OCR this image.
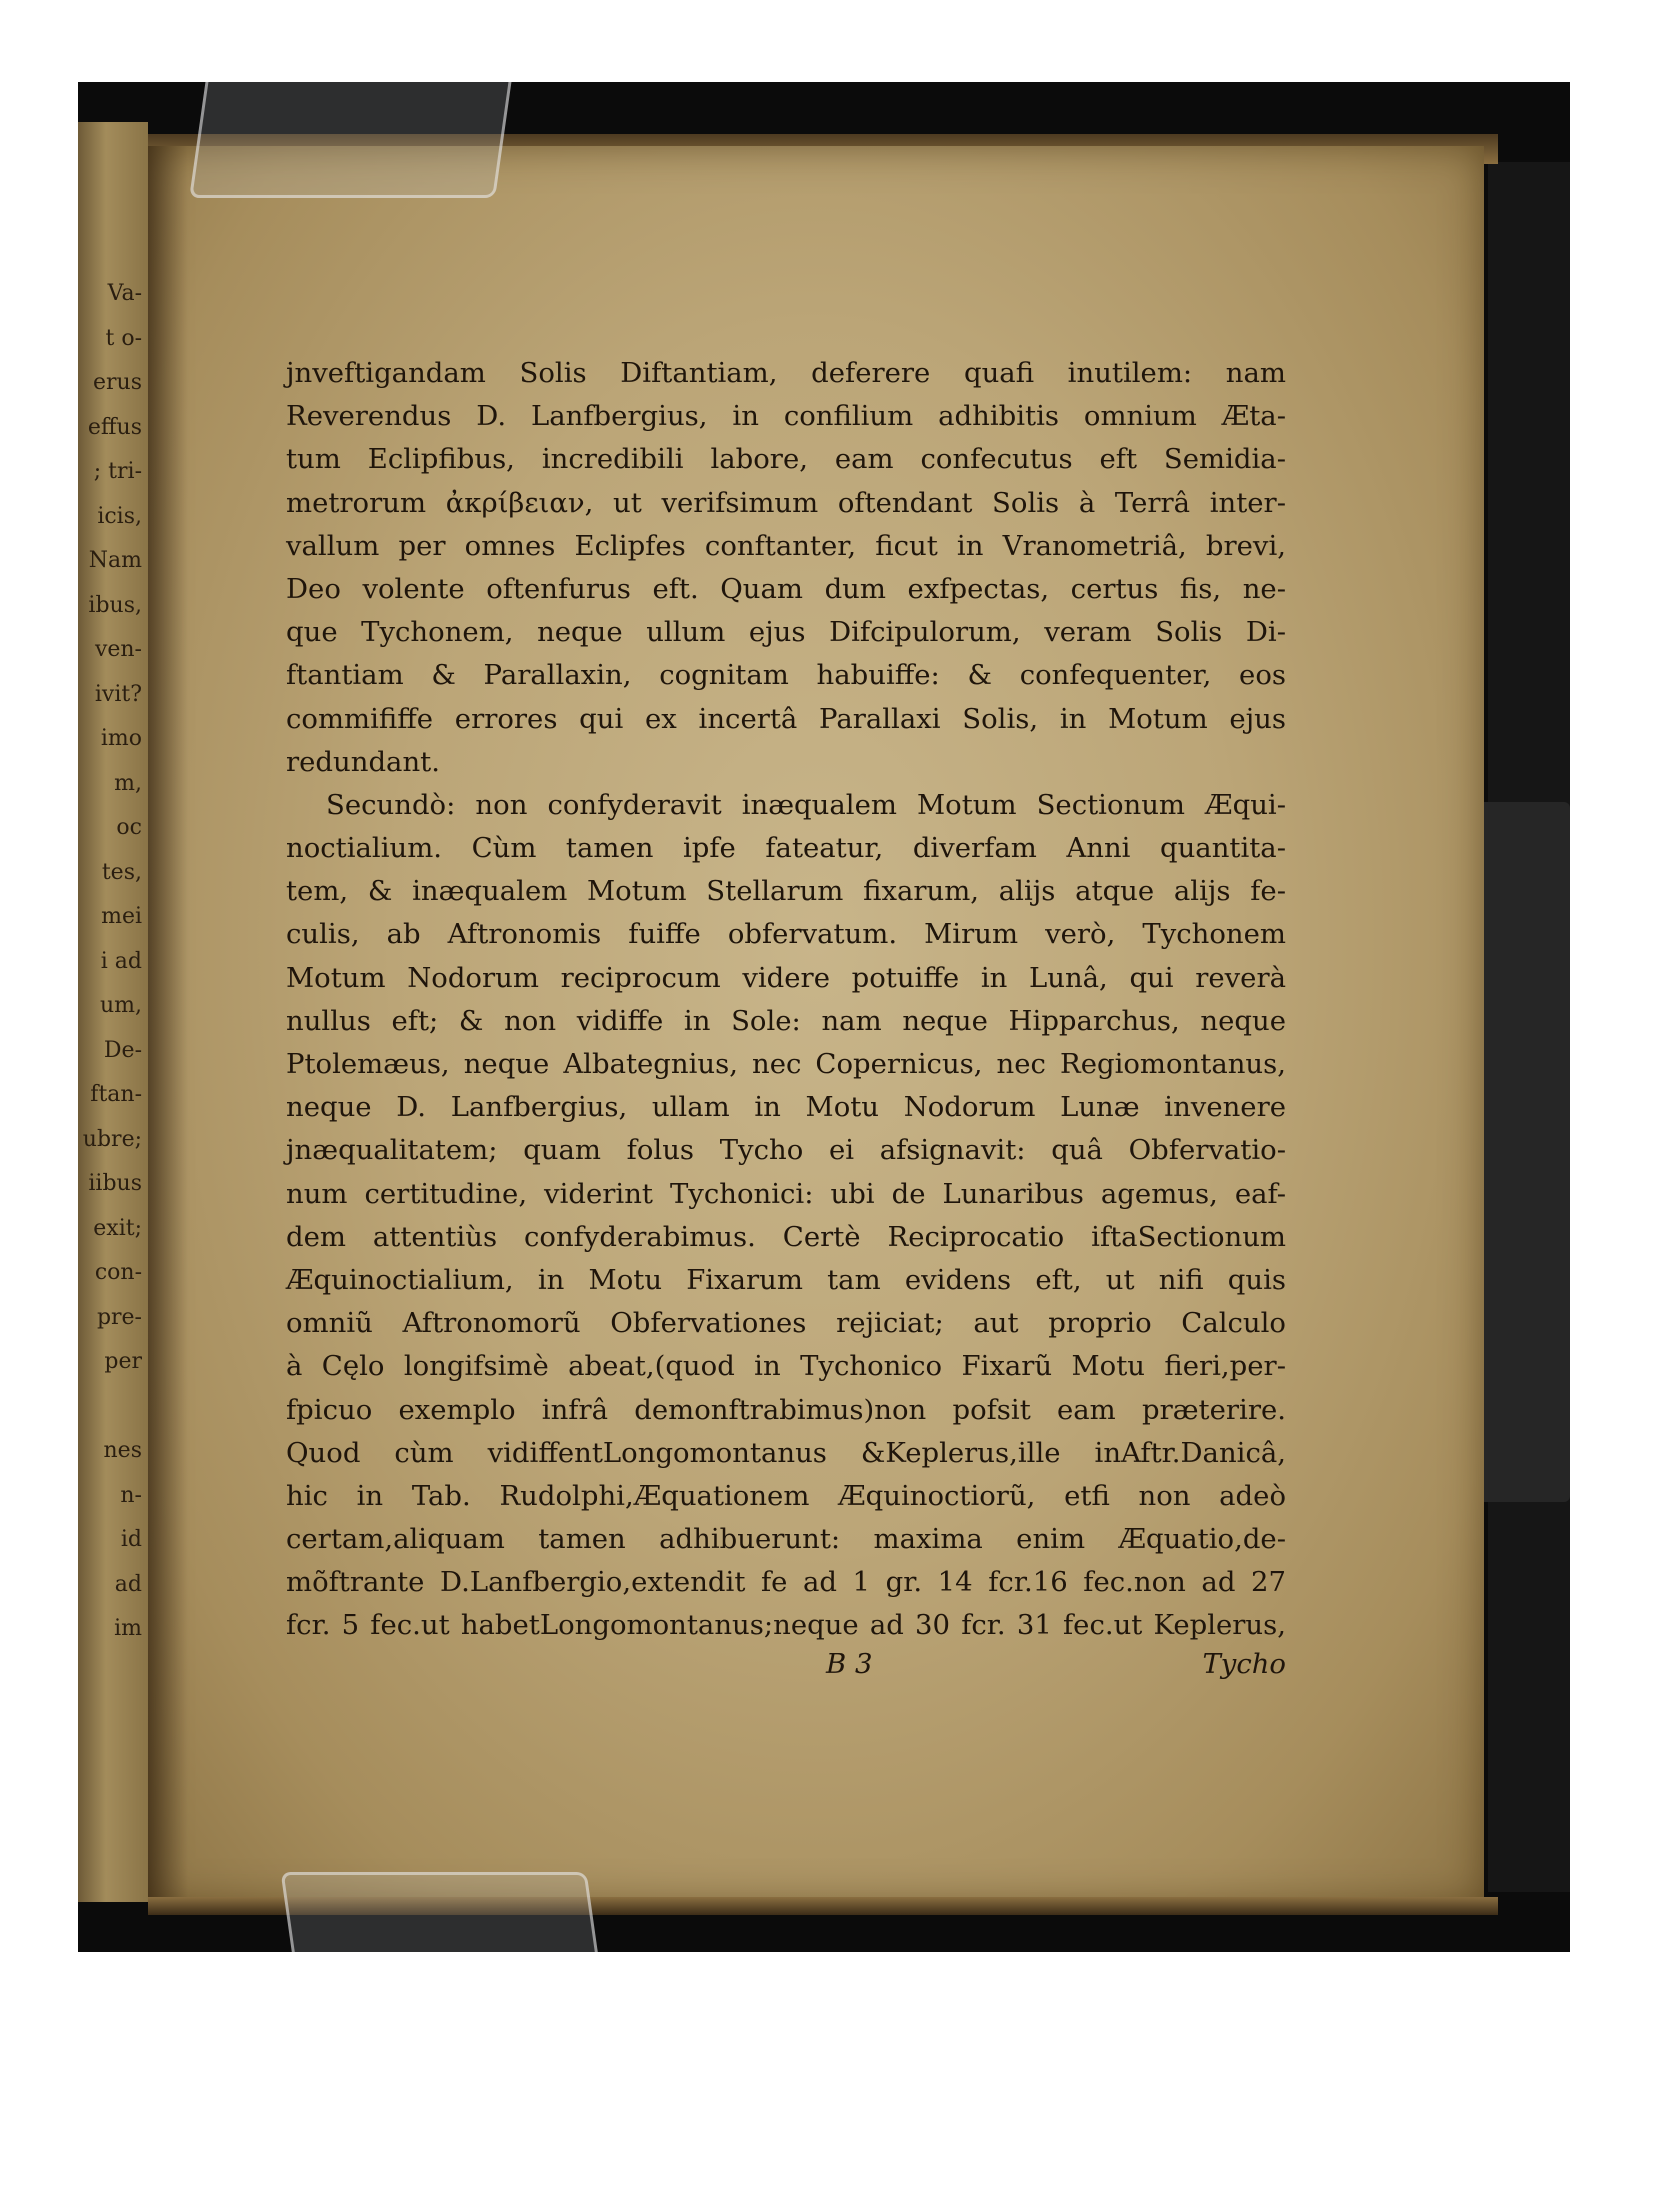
Va-
t o-
erus
effus
; tri-
icis,
Nam
ibus,
ven-
ivit?
imo
m,
oc
tes,
mei
i ad
um,
De-
ftan-
ubre;
iibus
exit;
con-
pre-
per
nes
n-
id
ad
im
jnveftigandam Solis Diftantiam, deferere quafi inutilem: nam
Reverendus D. Lanfbergius, in confilium adhibitis omnium Æta-
tum Eclipfibus, incredibili labore, eam confecutus eft Semidia-
metrorum ἀκρίβειαν, ut verifsimum oftendant Solis à Terrâ inter-
vallum per omnes Eclipfes conftanter, ficut in Vranometriâ, brevi,
Deo volente oftenfurus eft. Quam dum exfpectas, certus fis, ne-
que Tychonem, neque ullum ejus Difcipulorum, veram Solis Di-
ftantiam & Parallaxin, cognitam habuiffe: & confequenter, eos
commififfe errores qui ex incertâ Parallaxi Solis, in Motum ejus
redundant.
Secundò: non confyderavit inæqualem Motum Sectionum Æqui-
noctialium. Cùm tamen ipfe fateatur, diverfam Anni quantita-
tem, & inæqualem Motum Stellarum fixarum, alijs atque alijs fe-
culis, ab Aftronomis fuiffe obfervatum. Mirum verò, Tychonem
Motum Nodorum reciprocum videre potuiffe in Lunâ, qui reverà
nullus eft; & non vidiffe in Sole: nam neque Hipparchus, neque
Ptolemæus, neque Albategnius, nec Copernicus, nec Regiomontanus,
neque D. Lanfbergius, ullam in Motu Nodorum Lunæ invenere
jnæqualitatem; quam folus Tycho ei afsignavit: quâ Obfervatio-
num certitudine, viderint Tychonici: ubi de Lunaribus agemus, eaf-
dem attentiùs confyderabimus. Certè Reciprocatio iftaSectionum
Æquinoctialium, in Motu Fixarum tam evidens eft, ut nifi quis
omniũ Aftronomorũ Obfervationes rejiciat; aut proprio Calculo
à Cęlo longifsimè abeat,(quod in Tychonico Fixarũ Motu fieri,per-
fpicuo exemplo infrâ demonftrabimus)non pofsit eam præterire.
Quod cùm vidiffentLongomontanus &Keplerus,ille inAftr.Danicâ,
hic in Tab. Rudolphi,Æquationem Æquinoctiorũ, etfi non adeò
certam,aliquam tamen adhibuerunt: maxima enim Æquatio,de-
mõftrante D.Lanfbergio,extendit fe ad 1 gr. 14 fcr.16 fec.non ad 27
fcr. 5 fec.ut habetLongomontanus;neque ad 30 fcr. 31 fec.ut Keplerus,
B 3	Tycho
Early European Books, Copyright © 2011 ProQuest LLC.
Images reproduced by courtesy of the Biblioteca Nazionale Centrale di
Firenze.
CFMAGL. 1.6.317
